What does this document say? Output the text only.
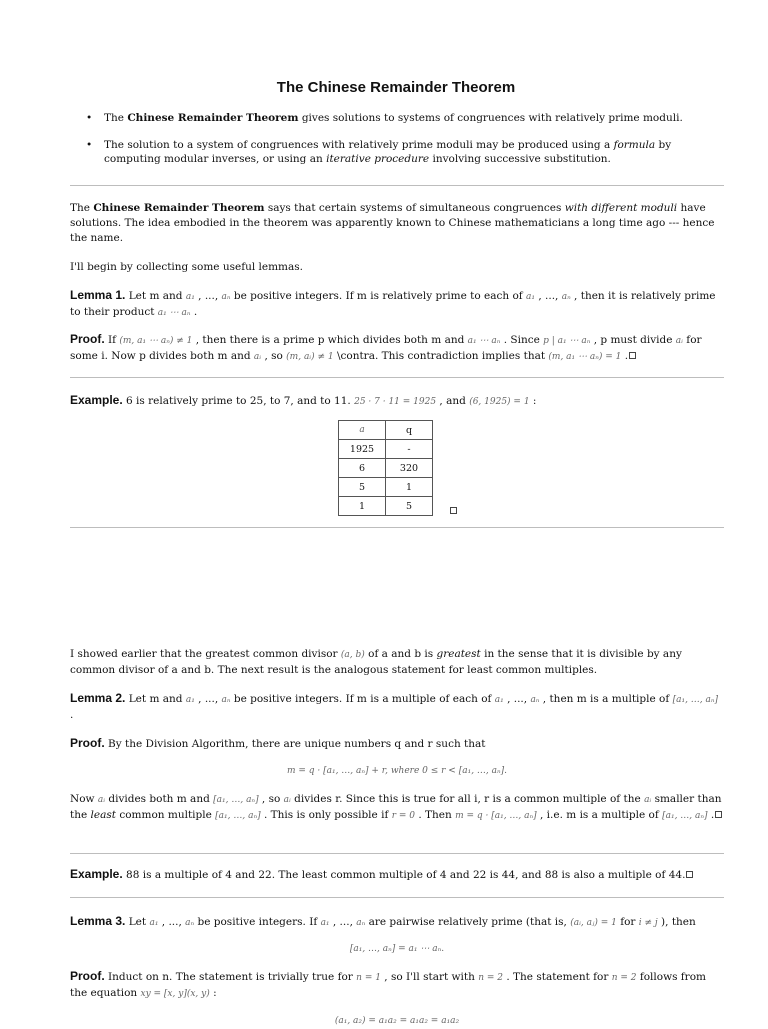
The Chinese Remainder Theorem
• The Chinese Remainder Theorem gives solutions to systems of congruences with relatively prime moduli.
• The solution to a system of congruences with relatively prime moduli may be produced using a formula by computing modular inverses, or using an iterative procedure involving successive substitution.

The Chinese Remainder Theorem says that certain systems of simultaneous congruences with different moduli have solutions. The idea embodied in the theorem was apparently known to Chinese mathematicians a long time ago --- hence the name.

I'll begin by collecting some useful lemmas.

Lemma 1. Let m and a₁ , ..., aₙ be positive integers. If m is relatively prime to each of a₁ , ..., aₙ , then it is relatively prime to their product a₁ ⋯ aₙ .

Proof. If (m, a₁ ⋯ aₙ) ≠ 1 , then there is a prime p which divides both m and a₁ ⋯ aₙ . Since p | a₁ ⋯ aₙ , p must divide aᵢ for some i. Now p divides both m and aᵢ , so (m, aᵢ) ≠ 1 \contra. This contradiction implies that (m, a₁ ⋯ aₙ) = 1 .

Example. 6 is relatively prime to 25, to 7, and to 11. 25 · 7 · 11 = 1925 , and (6, 1925) = 1 :

a	q
1925	-
6	320
5	1
1	5

I showed earlier that the greatest common divisor (a, b) of a and b is greatest in the sense that it is divisible by any common divisor of a and b. The next result is the analogous statement for least common multiples.

Lemma 2. Let m and a₁ , ..., aₙ be positive integers. If m is a multiple of each of a₁ , ..., aₙ , then m is a multiple of [a₁, …, aₙ] .

Proof. By the Division Algorithm, there are unique numbers q and r such that

m = q · [a₁, …, aₙ] + r, where 0 ≤ r < [a₁, …, aₙ].

Now aᵢ divides both m and [a₁, …, aₙ] , so aᵢ divides r. Since this is true for all i, r is a common multiple of the aᵢ smaller than the least common multiple [a₁, …, aₙ] . This is only possible if r = 0 . Then m = q · [a₁, …, aₙ] , i.e. m is a multiple of [a₁, …, aₙ] .

Example. 88 is a multiple of 4 and 22. The least common multiple of 4 and 22 is 44, and 88 is also a multiple of 44.

Lemma 3. Let a₁ , ..., aₙ be positive integers. If a₁ , ..., aₙ are pairwise relatively prime (that is, (aᵢ, aⱼ) = 1 for i ≠ j ), then

[a₁, …, aₙ] = a₁ ⋯ aₙ.

Proof. Induct on n. The statement is trivially true for n = 1 , so I'll start with n = 2 . The statement for n = 2 follows from the equation xy = [x, y](x, y) :

(a₁, a₂) = a₁a₂ = a₁a₂ = a₁a₂
